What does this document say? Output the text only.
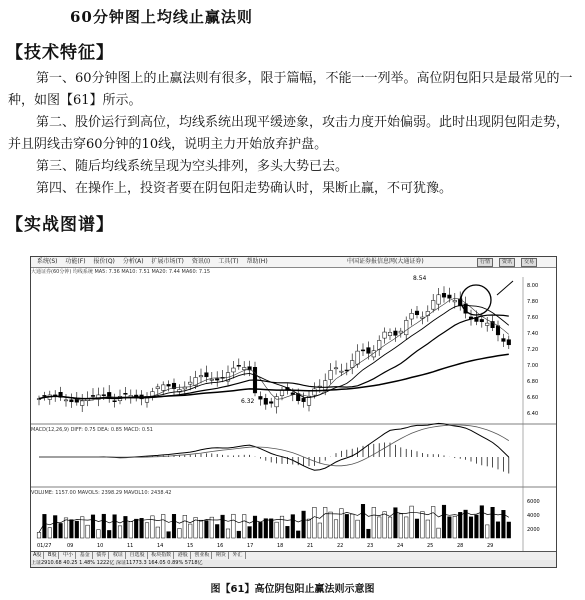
60分钟图上均线止赢法则
【技术特征】
第一、60分钟图上的止赢法则有很多，限于篇幅，不能一一列举。高位阴包阳只是最常见的一种，如图【61】所示。
第二、股价运行到高位，均线系统出现平缓迹象，攻击力度开始偏弱。此时出现阴包阳走势，并且阴线击穿60分钟的10线，说明主力开始放弃护盘。
第三、随后均线系统呈现为空头排列，多头大势已去。
第四、在操作上，投资者要在阴包阳走势确认时，果断止赢，不可犹豫。
【实战图谱】
系统(S) 功能(F) 报价(Q) 分析(A) 扩展市场(T) 资讯(I) 工具(T) 帮助(H)	中国证券报信息网(大通证券)	行情	资讯	交易
大通证券(60分钟) 均线系统 MA5: 7.36 MA10: 7.51 MA20: 7.44 MA60: 7.15
MACD(12,26,9) DIFF: 0.75 DEA: 0.85 MACD: 0.51
VOLUME: 1157.00 MAVOL5: 2398.29 MAVOL10: 2438.42
8.00
7.80
7.60
7.40
7.20
7.00
6.80
6.60
6.40
6000
4000
2000
01/27	09	10	11	14	15	16	17	18	21	22	23	24	25	28	29
8.54
6.32
上证2910.68 40.25 1.48% 1222亿 深证11773.3 164.05 0.89% 5718亿
A股 B股 中小 基金 债券 权证 自选股 板块指数 港股 创业板 期货 外汇
图【61】高位阴包阳止赢法则示意图
